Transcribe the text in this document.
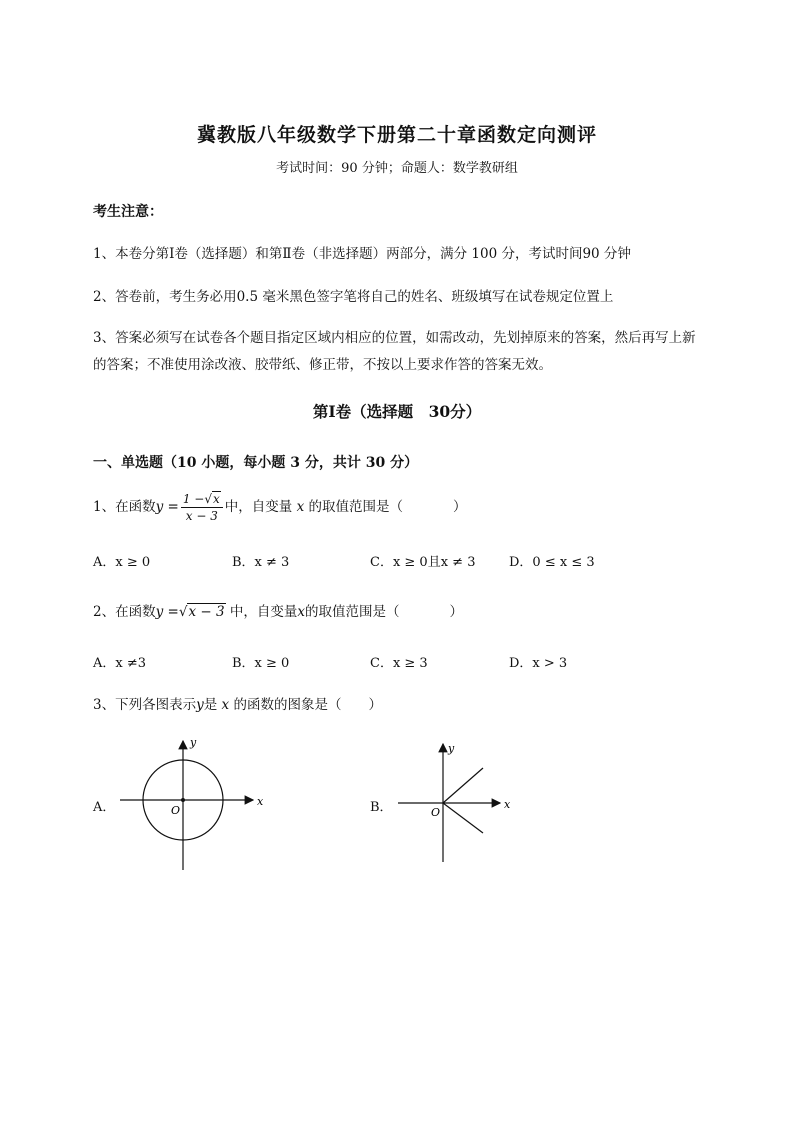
冀教版八年级数学下册第二十章函数定向测评
考试时间：90 分钟；命题人：数学教研组
考生注意：
1、本卷分第Ⅰ卷（选择题）和第Ⅱ卷（非选择题）两部分，满分 100 分，考试时间90 分钟
2、答卷前，考生务必用0.5 毫米黑色签字笔将自己的姓名、班级填写在试卷规定位置上
3、答案必须写在试卷各个题目指定区域内相应的位置，如需改动，先划掉原来的答案，然后再写上新
的答案；不准使用涂改液、胶带纸、修正带，不按以上要求作答的答案无效。
第Ⅰ卷（选择题　30分）
一、单选题（10 小题，每小题 3 分，共计 30 分）
1、在函数$y = \frac{1 -√x}{x - 3}$ 中，自变量 x 的取值范围是（	）
A．x ≥ 0	B．x ≠ 3	C．x ≥ 0且x ≠ 3	D．0 ≤ x ≤ 3
2、在函数y =√x − 3 中，自变量x的取值范围是（	）
A．x ≠3	B．x ≥ 0	C．x ≥ 3	D．x > 3
3、下列各图表示y是 x 的函数的图象是（　　）
A．	x
y
O	B．	x
y
O
